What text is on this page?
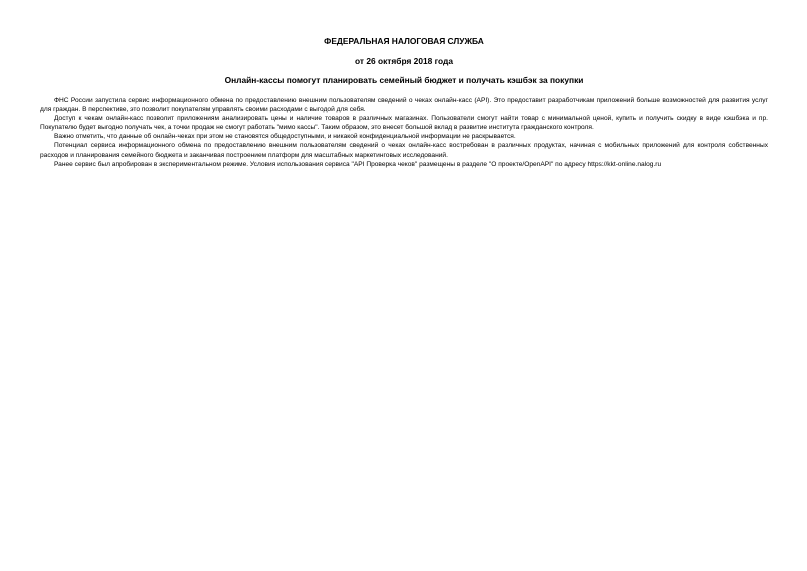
ФЕДЕРАЛЬНАЯ НАЛОГОВАЯ СЛУЖБА

от 26 октября 2018 года

Онлайн-кассы помогут планировать семейный бюджет и получать кэшбэк за покупки

ФНС России запустила сервис информационного обмена по предоставлению внешним пользователям сведений о чеках онлайн-касс (API). Это предоставит разработчикам приложений больше возможностей для развития услуг для граждан. В перспективе, это позволит покупателям управлять своими расходами с выгодой для себя.

Доступ к чекам онлайн-касс позволит приложениям анализировать цены и наличие товаров в различных магазинах. Пользователи смогут найти товар с минимальной ценой, купить и получить скидку в виде кэшбэка и пр. Покупателю будет выгодно получать чек, а точки продаж не смогут работать "мимо кассы". Таким образом, это внесет большой вклад в развитие института гражданского контроля.

Важно отметить, что данные об онлайн-чеках при этом не становятся общедоступными, и никакой конфиденциальной информации не раскрывается.

Потенциал сервиса информационного обмена по предоставлению внешним пользователям сведений о чеках онлайн-касс востребован в различных продуктах, начиная с мобильных приложений для контроля собственных расходов и планирования семейного бюджета и заканчивая построением платформ для масштабных маркетинговых исследований.

Ранее сервис был апробирован в экспериментальном режиме. Условия использования сервиса "API Проверка чеков" размещены в разделе "О проекте/OpenAPI" по адресу https://kkt-online.nalog.ru
